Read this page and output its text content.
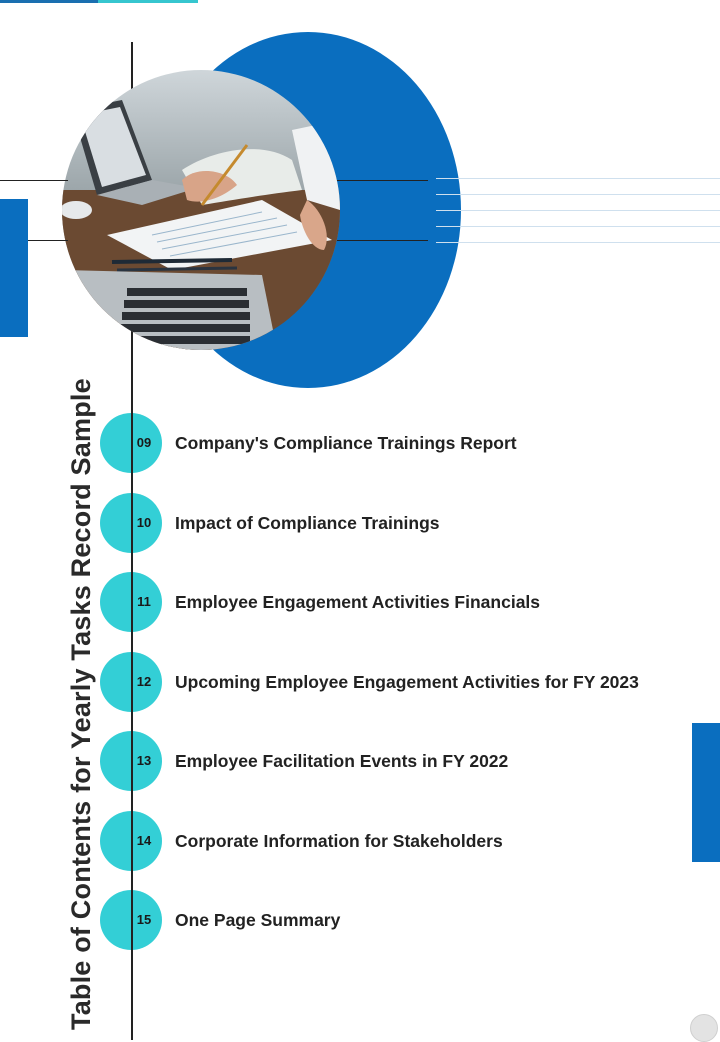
Table of Contents for Yearly Tasks Record Sample	09	Company's Compliance Trainings Report
10	Impact of Compliance Trainings
11	Employee Engagement Activities Financials
12	Upcoming Employee Engagement Activities for FY 2023
13	Employee Facilitation Events in FY 2022
14	Corporate Information for Stakeholders
15	One Page Summary
